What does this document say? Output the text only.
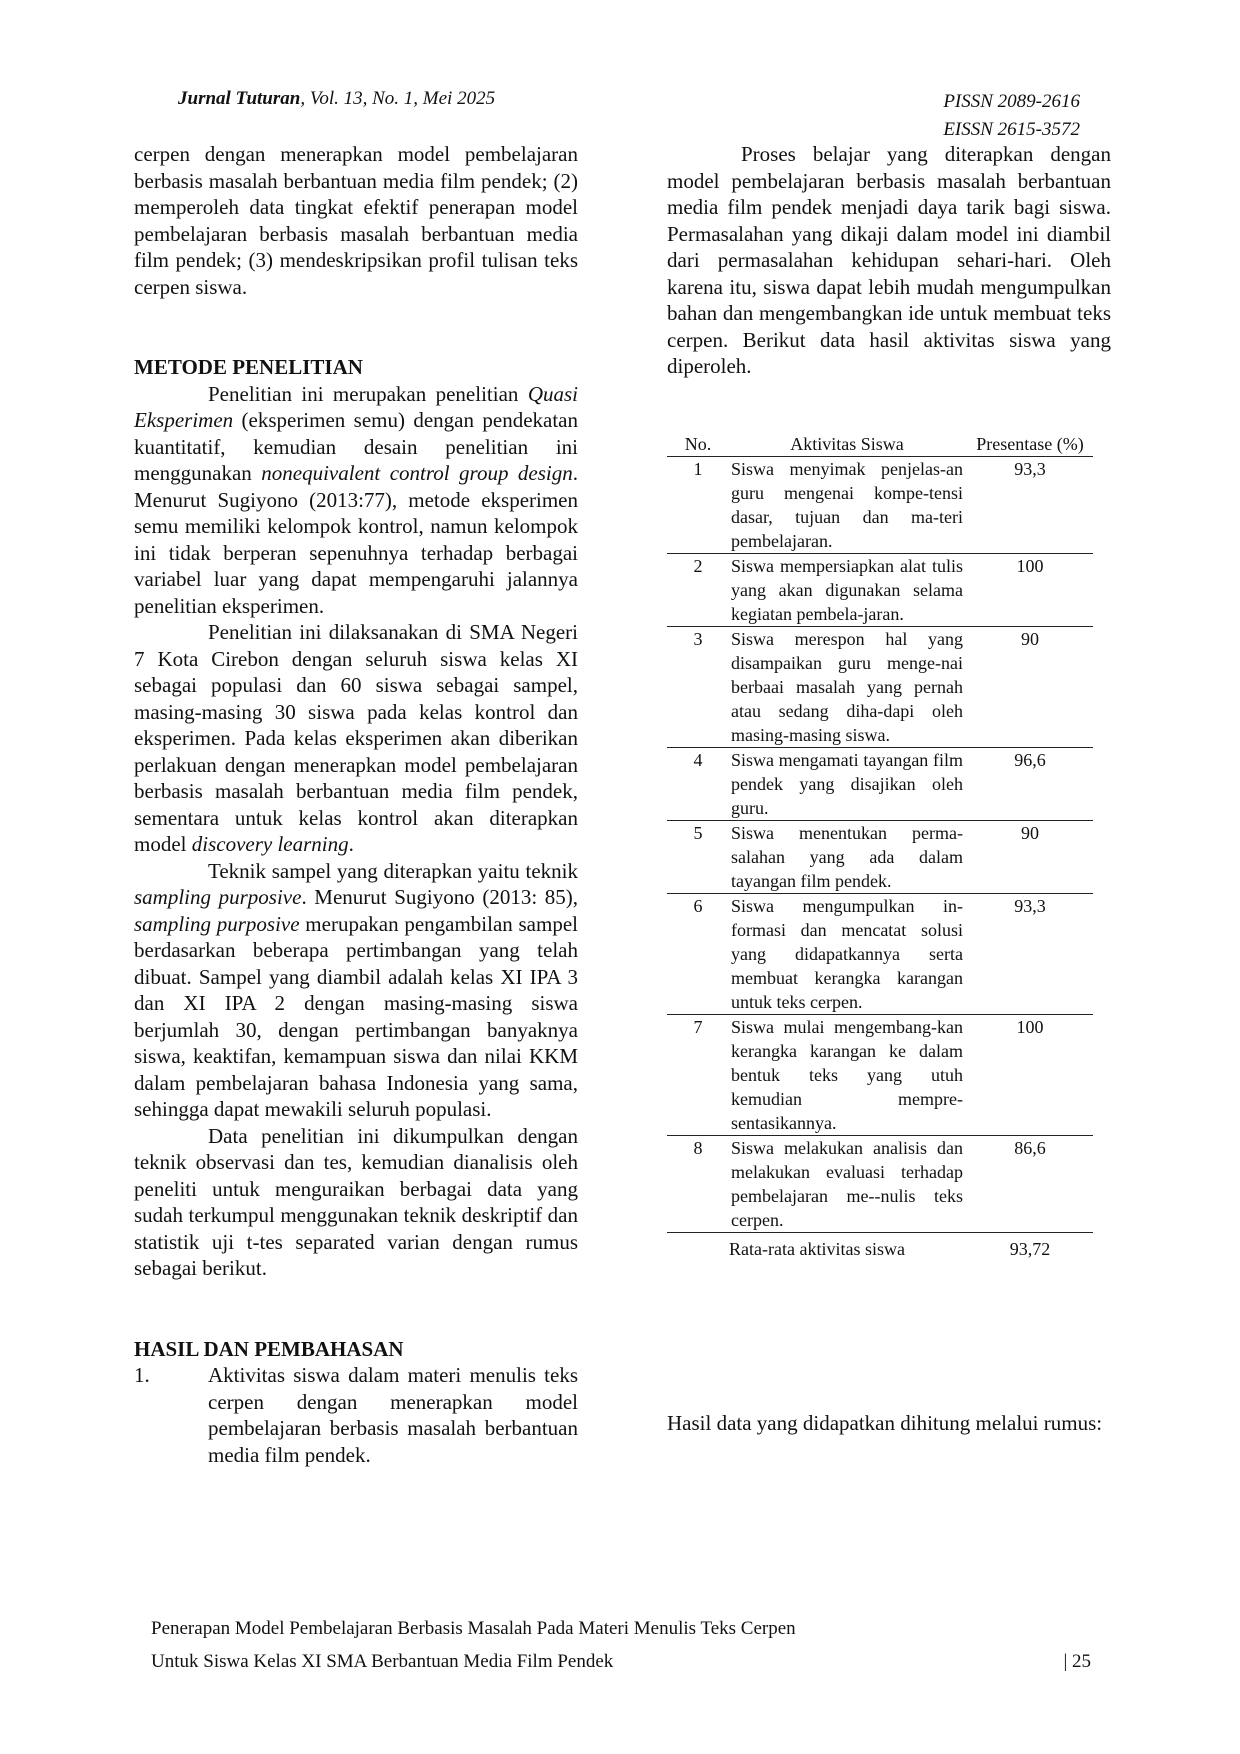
Jurnal Tuturan, Vol. 13, No. 1, Mei 2025	PISSN 2089-2616
EISSN 2615-3572

cerpen dengan menerapkan model pembelajaran berbasis masalah berbantuan media film pendek; (2) memperoleh data tingkat efektif penerapan model pembelajaran berbasis masalah berbantuan media film pendek; (3) mendeskripsikan profil tulisan teks cerpen siswa.

METODE PENELITIAN

Penelitian ini merupakan penelitian Quasi Eksperimen (eksperimen semu) dengan pendekatan kuantitatif, kemudian desain penelitian ini menggunakan nonequivalent control group design. Menurut Sugiyono (2013:77), metode eksperimen semu memiliki kelompok kontrol, namun kelompok ini tidak berperan sepenuhnya terhadap berbagai variabel luar yang dapat mempengaruhi jalannya penelitian eksperimen.

Penelitian ini dilaksanakan di SMA Negeri 7 Kota Cirebon dengan seluruh siswa kelas XI sebagai populasi dan 60 siswa sebagai sampel, masing-masing 30 siswa pada kelas kontrol dan eksperimen. Pada kelas eksperimen akan diberikan perlakuan dengan menerapkan model pembelajaran berbasis masalah berbantuan media film pendek, sementara untuk kelas kontrol akan diterapkan model discovery learning.

Teknik sampel yang diterapkan yaitu teknik sampling purposive. Menurut Sugiyono (2013: 85), sampling purposive merupakan pengambilan sampel berdasarkan beberapa pertimbangan yang telah dibuat. Sampel yang diambil adalah kelas XI IPA 3 dan XI IPA 2 dengan masing-masing siswa berjumlah 30, dengan pertimbangan banyaknya siswa, keaktifan, kemampuan siswa dan nilai KKM dalam pembelajaran bahasa Indonesia yang sama, sehingga dapat mewakili seluruh populasi.

Data penelitian ini dikumpulkan dengan teknik observasi dan tes, kemudian dianalisis oleh peneliti untuk menguraikan berbagai data yang sudah terkumpul menggunakan teknik deskriptif dan statistik uji t-tes separated varian dengan rumus sebagai berikut.

HASIL DAN PEMBAHASAN
1.	Aktivitas siswa dalam materi menulis teks cerpen dengan menerapkan model pembelajaran berbasis masalah berbantuan media film pendek.

Proses belajar yang diterapkan dengan model pembelajaran berbasis masalah berbantuan media film pendek menjadi daya tarik bagi siswa. Permasalahan yang dikaji dalam model ini diambil dari permasalahan kehidupan sehari-hari. Oleh karena itu, siswa dapat lebih mudah mengumpulkan bahan dan mengembangkan ide untuk membuat teks cerpen. Berikut data hasil aktivitas siswa yang diperoleh.

No.	Aktivitas Siswa	Presentase (%)
1	Siswa menyimak penjelas-an guru mengenai kompe-tensi dasar, tujuan dan ma-teri pembelajaran.	93,3
2	Siswa mempersiapkan alat tulis yang akan digunakan selama kegiatan pembela-jaran.	100
3	Siswa merespon hal yang disampaikan guru menge-nai berbaai masalah yang pernah atau sedang diha-dapi oleh masing-masing siswa.	90
4	Siswa mengamati tayangan film pendek yang disajikan oleh guru.	96,6
5	Siswa menentukan perma-salahan yang ada dalam tayangan film pendek.	90
6	Siswa mengumpulkan in-formasi dan mencatat solusi yang didapatkannya serta membuat kerangka karangan untuk teks cerpen.	93,3
7	Siswa mulai mengembang-kan kerangka karangan ke dalam bentuk teks yang utuh kemudian mempre-sentasikannya.	100
8	Siswa melakukan analisis dan melakukan evaluasi terhadap pembelajaran me--nulis teks cerpen.	86,6
Rata-rata aktivitas siswa		93,72

Hasil data yang didapatkan dihitung melalui rumus:

Penerapan Model Pembelajaran Berbasis Masalah Pada Materi Menulis Teks Cerpen
Untuk Siswa Kelas XI SMA Berbantuan Media Film Pendek	| 25
